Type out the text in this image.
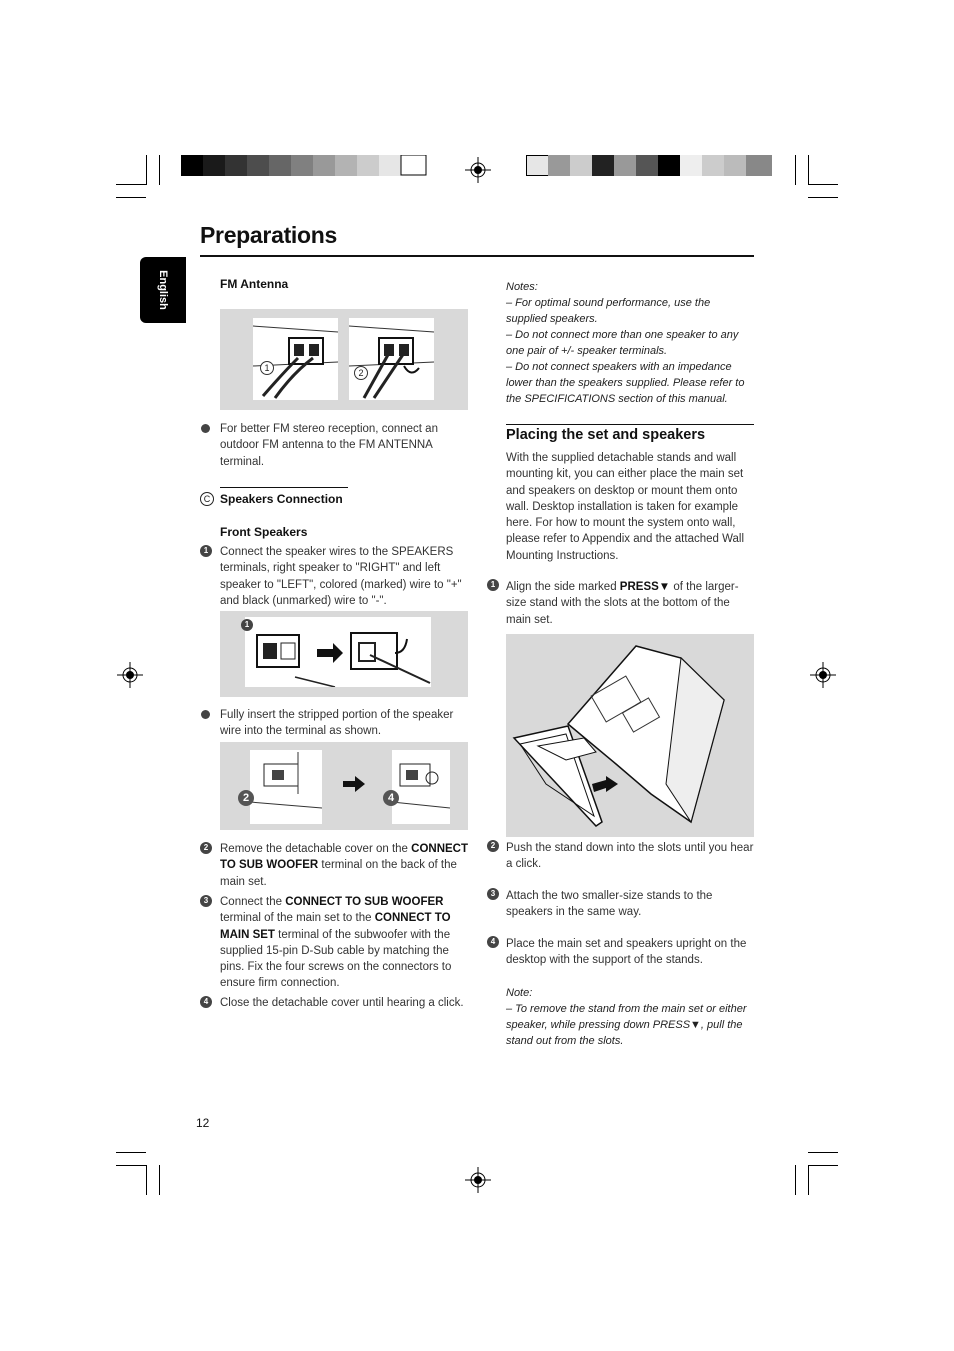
Preparations
English	FM Antenna
1	2
For better FM stereo reception, connect an outdoor FM antenna to the FM ANTENNA terminal.
C Speakers Connection
Front Speakers
1	Connect the speaker wires to the SPEAKERS terminals, right speaker to "RIGHT" and left speaker to "LEFT", colored (marked) wire to "+" and black (unmarked) wire to "-".
1
Fully insert the stripped portion of the speaker wire into the terminal as shown.
2	4
2	Remove the detachable cover on the CONNECT TO SUB WOOFER terminal on the back of the main set.
3	Connect the CONNECT TO SUB WOOFER terminal of the main set to the CONNECT TO MAIN SET terminal of the subwoofer with the supplied 15-pin D-Sub cable by matching the pins. Fix the four screws on the connectors to ensure firm connection.
4	Close the detachable cover until hearing a click.
Notes:
– For optimal sound performance, use the supplied speakers.
– Do not connect more than one speaker to any one pair of +/- speaker terminals.
– Do not connect speakers with an impedance lower than the speakers supplied. Please refer to the SPECIFICATIONS section of this manual.
Placing the set and speakers
With the supplied detachable stands and wall mounting kit, you can either place the main set and speakers on desktop or mount them onto wall. Desktop installation is taken for example here. For how to mount the system onto wall, please refer to Appendix and the attached Wall Mounting Instructions.
1 Align the side marked PRESS▼ of the larger-size stand with the slots at the bottom of the main set.
2 Push the stand down into the slots until you hear a click.
3 Attach the two smaller-size stands to the speakers in the same way.
4 Place the main set and speakers upright on the desktop with the support of the stands.
Note:
– To remove the stand from the main set or either speaker, while pressing down PRESS▼, pull the stand out from the slots.
12
